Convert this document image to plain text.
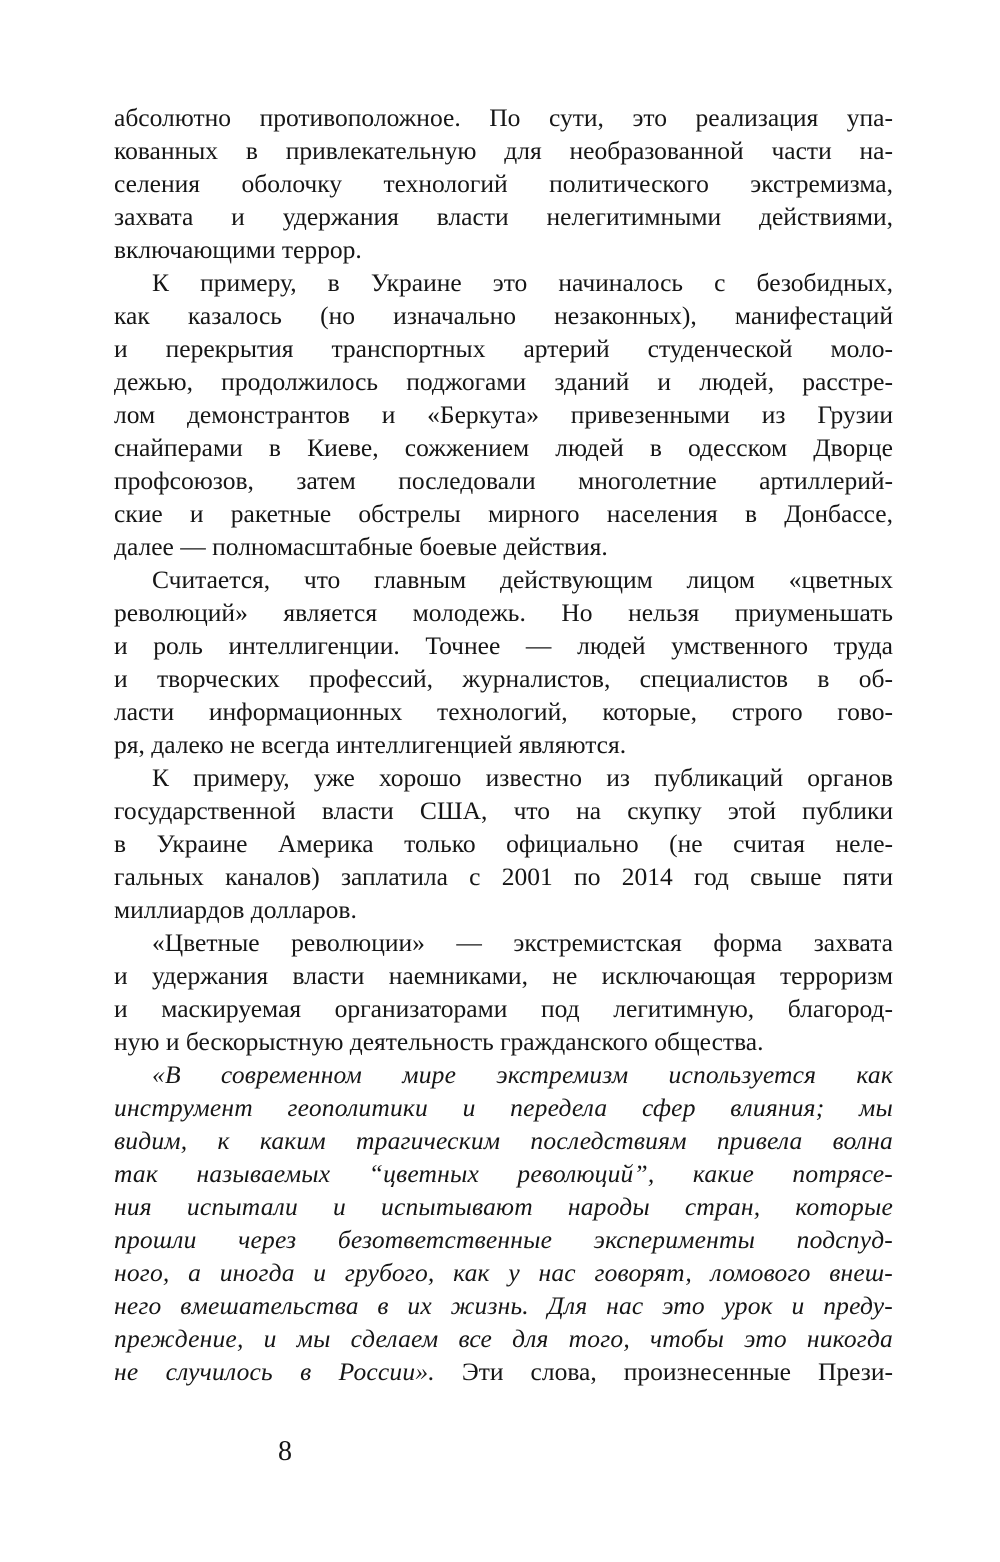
абсолютно противоположное. По сути, это реализация упа-
кованных в привлекательную для необразованной части на-
селения оболочку технологий политического экстремизма,
захвата и удержания власти нелегитимными действиями,
включающими террор.
К примеру, в Украине это начиналось с безобидных,
как казалось (но изначально незаконных), манифестаций
и перекрытия транспортных артерий студенческой моло-
дежью, продолжилось поджогами зданий и людей, расстре-
лом демонстрантов и «Беркута» привезенными из Грузии
снайперами в Киеве, сожжением людей в одесском Дворце
профсоюзов, затем последовали многолетние артиллерий-
ские и ракетные обстрелы мирного населения в Донбассе,
далее — полномасштабные боевые действия.
Считается, что главным действующим лицом «цветных
революций» является молодежь. Но нельзя приуменьшать
и роль интеллигенции. Точнее — людей умственного труда
и творческих профессий, журналистов, специалистов в об-
ласти информационных технологий, которые, строго гово-
ря, далеко не всегда интеллигенцией являются.
К примеру, уже хорошо известно из публикаций органов
государственной власти США, что на скупку этой публики
в Украине Америка только официально (не считая неле-
гальных каналов) заплатила с 2001 по 2014 год свыше пяти
миллиардов долларов.
«Цветные революции» — экстремистская форма захвата
и удержания власти наемниками, не исключающая терроризм
и маскируемая организаторами под легитимную, благород-
ную и бескорыстную деятельность гражданского общества.
«В современном мире экстремизм используется как
инструмент геополитики и передела сфер влияния; мы
видим, к каким трагическим последствиям привела волна
так называемых “цветных революций”, какие потрясе-
ния испытали и испытывают народы стран, которые
прошли через безответственные эксперименты подспуд-
ного, а иногда и грубого, как у нас говорят, ломового внеш-
него вмешательства в их жизнь. Для нас это урок и преду-
преждение, и мы сделаем все для того, чтобы это никогда
не случилось в России». Эти слова, произнесенные Прези-
8
